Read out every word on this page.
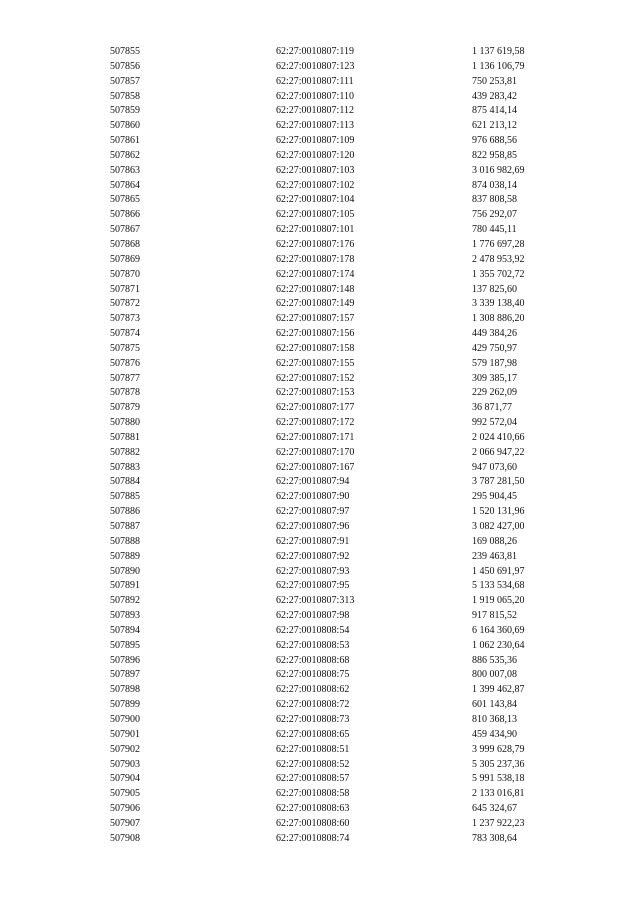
507855	62:27:0010807:119	1 137 619,58
507856	62:27:0010807:123	1 136 106,79
507857	62:27:0010807:111	750 253,81
507858	62:27:0010807:110	439 283,42
507859	62:27:0010807:112	875 414,14
507860	62:27:0010807:113	621 213,12
507861	62:27:0010807:109	976 688,56
507862	62:27:0010807:120	822 958,85
507863	62:27:0010807:103	3 016 982,69
507864	62:27:0010807:102	874 038,14
507865	62:27:0010807:104	837 808,58
507866	62:27:0010807:105	756 292,07
507867	62:27:0010807:101	780 445,11
507868	62:27:0010807:176	1 776 697,28
507869	62:27:0010807:178	2 478 953,92
507870	62:27:0010807:174	1 355 702,72
507871	62:27:0010807:148	137 825,60
507872	62:27:0010807:149	3 339 138,40
507873	62:27:0010807:157	1 308 886,20
507874	62:27:0010807:156	449 384,26
507875	62:27:0010807:158	429 750,97
507876	62:27:0010807:155	579 187,98
507877	62:27:0010807:152	309 385,17
507878	62:27:0010807:153	229 262,09
507879	62:27:0010807:177	36 871,77
507880	62:27:0010807:172	992 572,04
507881	62:27:0010807:171	2 024 410,66
507882	62:27:0010807:170	2 066 947,22
507883	62:27:0010807:167	947 073,60
507884	62:27:0010807:94	3 787 281,50
507885	62:27:0010807:90	295 904,45
507886	62:27:0010807:97	1 520 131,96
507887	62:27:0010807:96	3 082 427,00
507888	62:27:0010807:91	169 088,26
507889	62:27:0010807:92	239 463,81
507890	62:27:0010807:93	1 450 691,97
507891	62:27:0010807:95	5 133 534,68
507892	62:27:0010807:313	1 919 065,20
507893	62:27:0010807:98	917 815,52
507894	62:27:0010808:54	6 164 360,69
507895	62:27:0010808:53	1 062 230,64
507896	62:27:0010808:68	886 535,36
507897	62:27:0010808:75	800 007,08
507898	62:27:0010808:62	1 399 462,87
507899	62:27:0010808:72	601 143,84
507900	62:27:0010808:73	810 368,13
507901	62:27:0010808:65	459 434,90
507902	62:27:0010808:51	3 999 628,79
507903	62:27:0010808:52	5 305 237,36
507904	62:27:0010808:57	5 991 538,18
507905	62:27:0010808:58	2 133 016,81
507906	62:27:0010808:63	645 324,67
507907	62:27:0010808:60	1 237 922,23
507908	62:27:0010808:74	783 308,64
